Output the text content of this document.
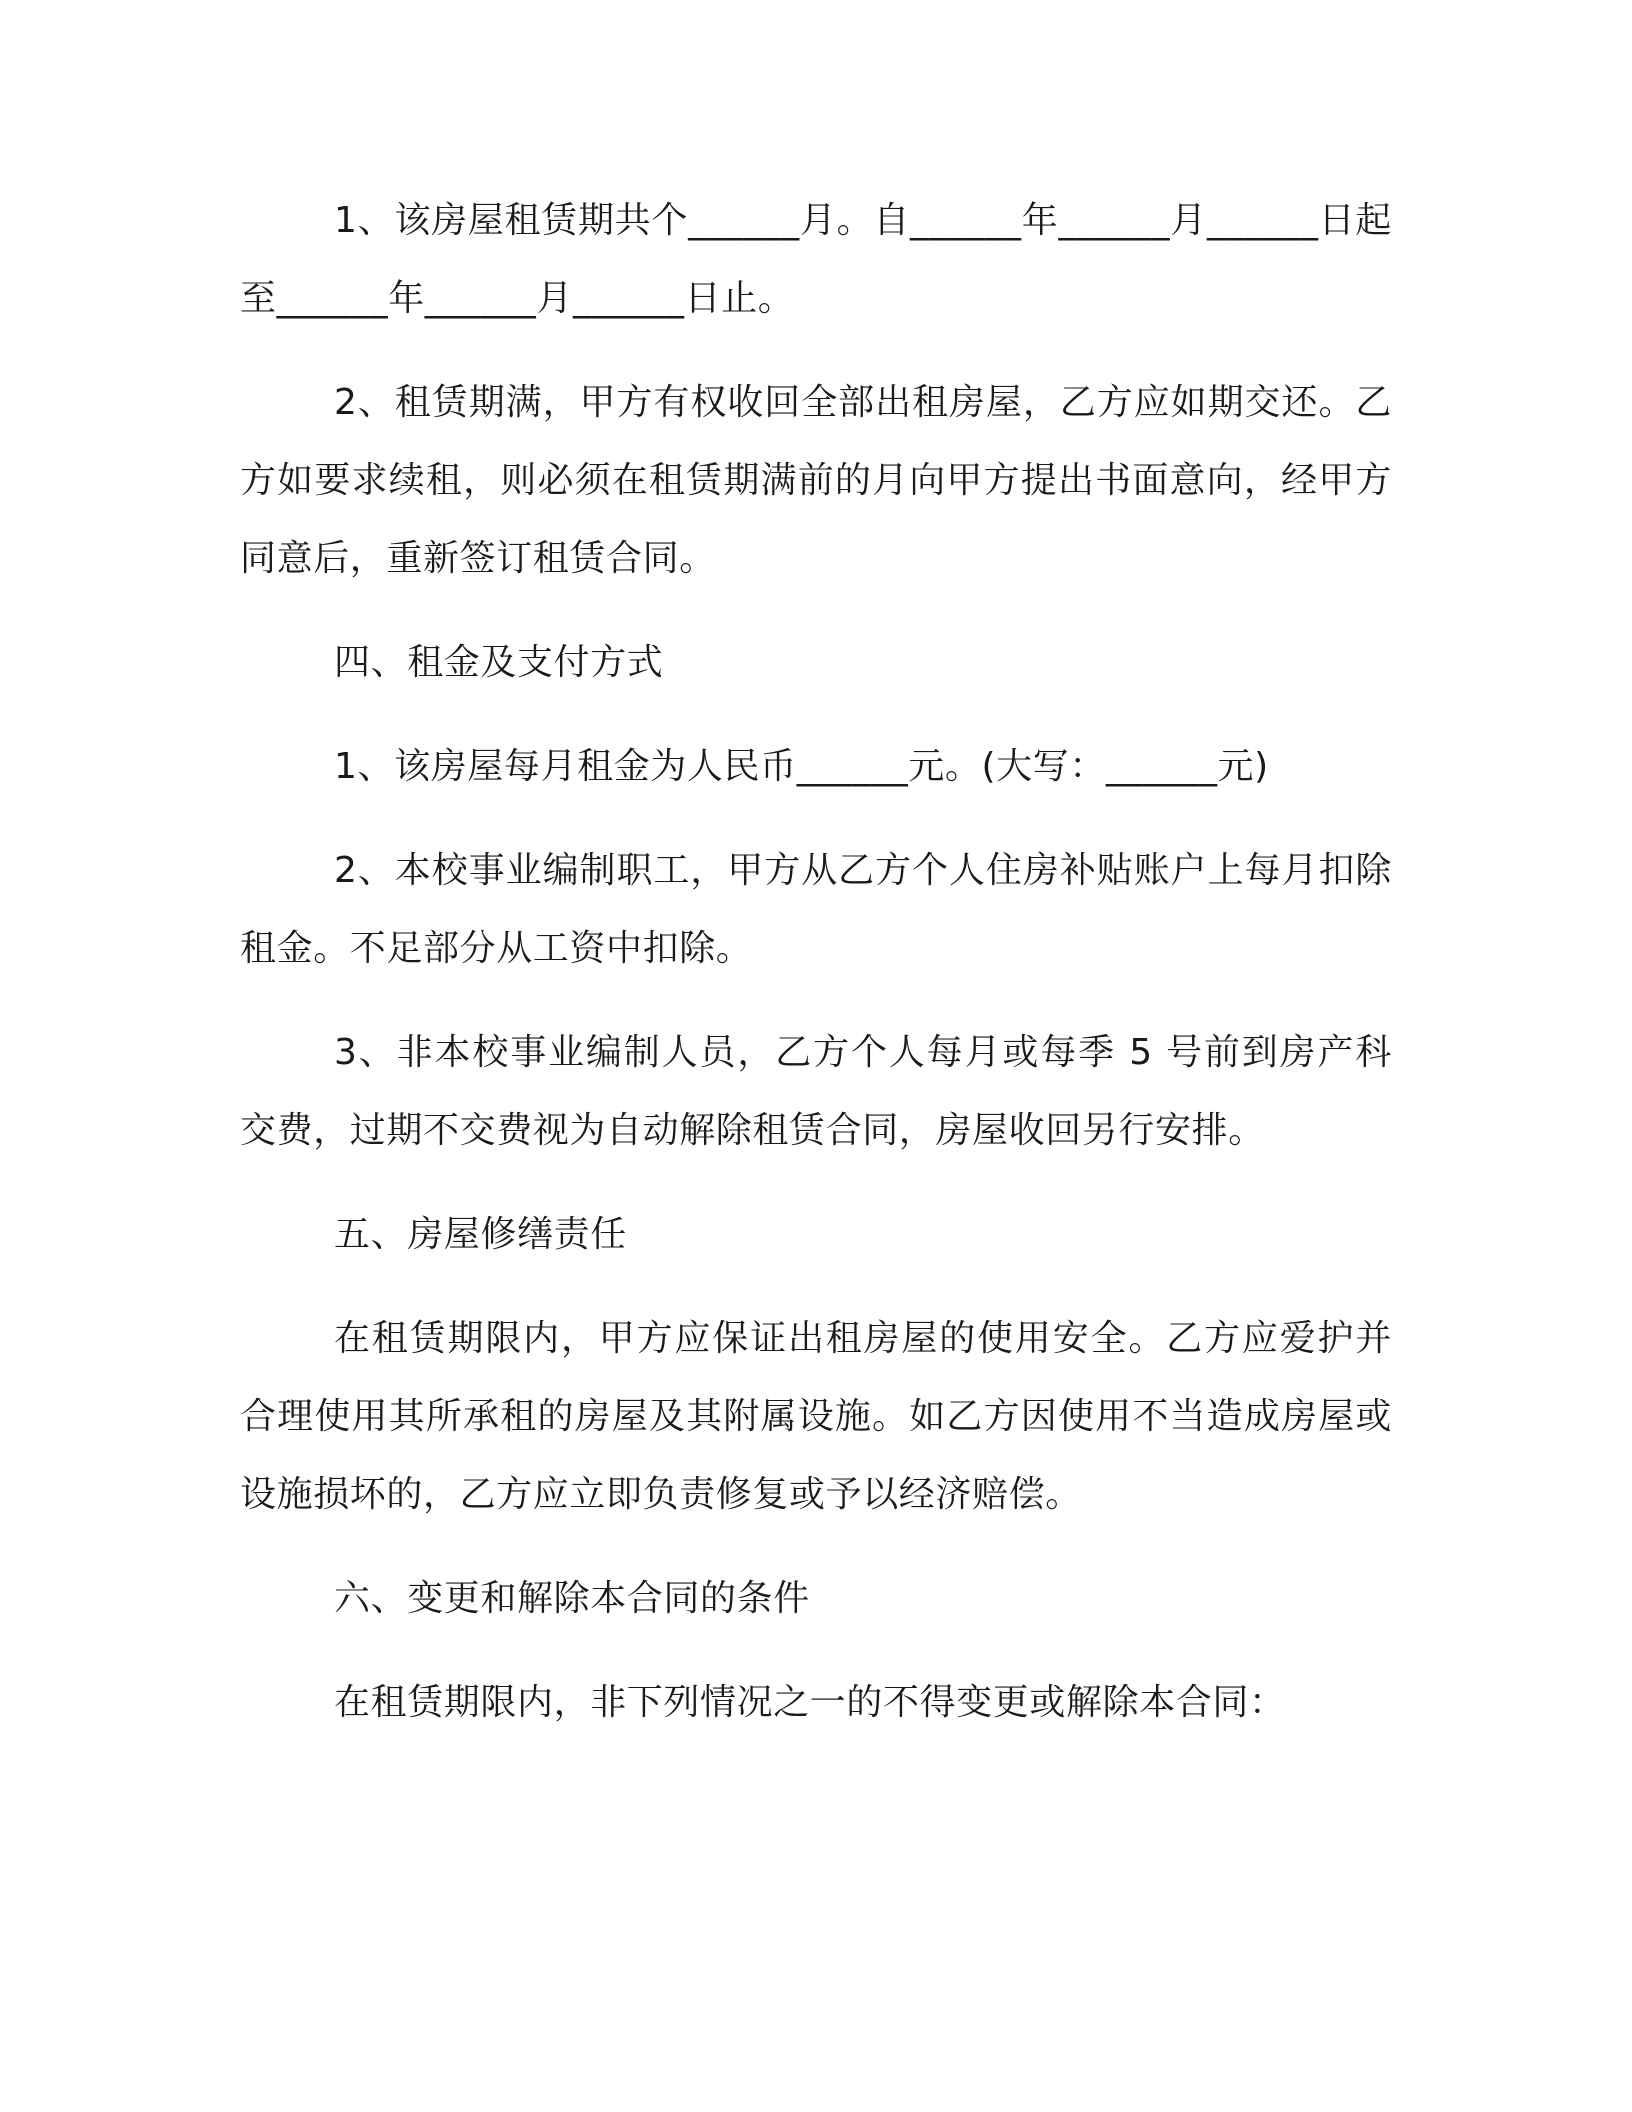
1、该房屋租赁期共个______月。自______年______月______日起至______年______月______日止。

2、租赁期满，甲方有权收回全部出租房屋，乙方应如期交还。乙方如要求续租，则必须在租赁期满前的月向甲方提出书面意向，经甲方同意后，重新签订租赁合同。

四、租金及支付方式

1、该房屋每月租金为人民币______元。(大写：______元)

2、本校事业编制职工，甲方从乙方个人住房补贴账户上每月扣除租金。不足部分从工资中扣除。

3、非本校事业编制人员，乙方个人每月或每季 5 号前到房产科交费，过期不交费视为自动解除租赁合同，房屋收回另行安排。

五、房屋修缮责任

在租赁期限内，甲方应保证出租房屋的使用安全。乙方应爱护并合理使用其所承租的房屋及其附属设施。如乙方因使用不当造成房屋或设施损坏的，乙方应立即负责修复或予以经济赔偿。

六、变更和解除本合同的条件

在租赁期限内，非下列情况之一的不得变更或解除本合同：
